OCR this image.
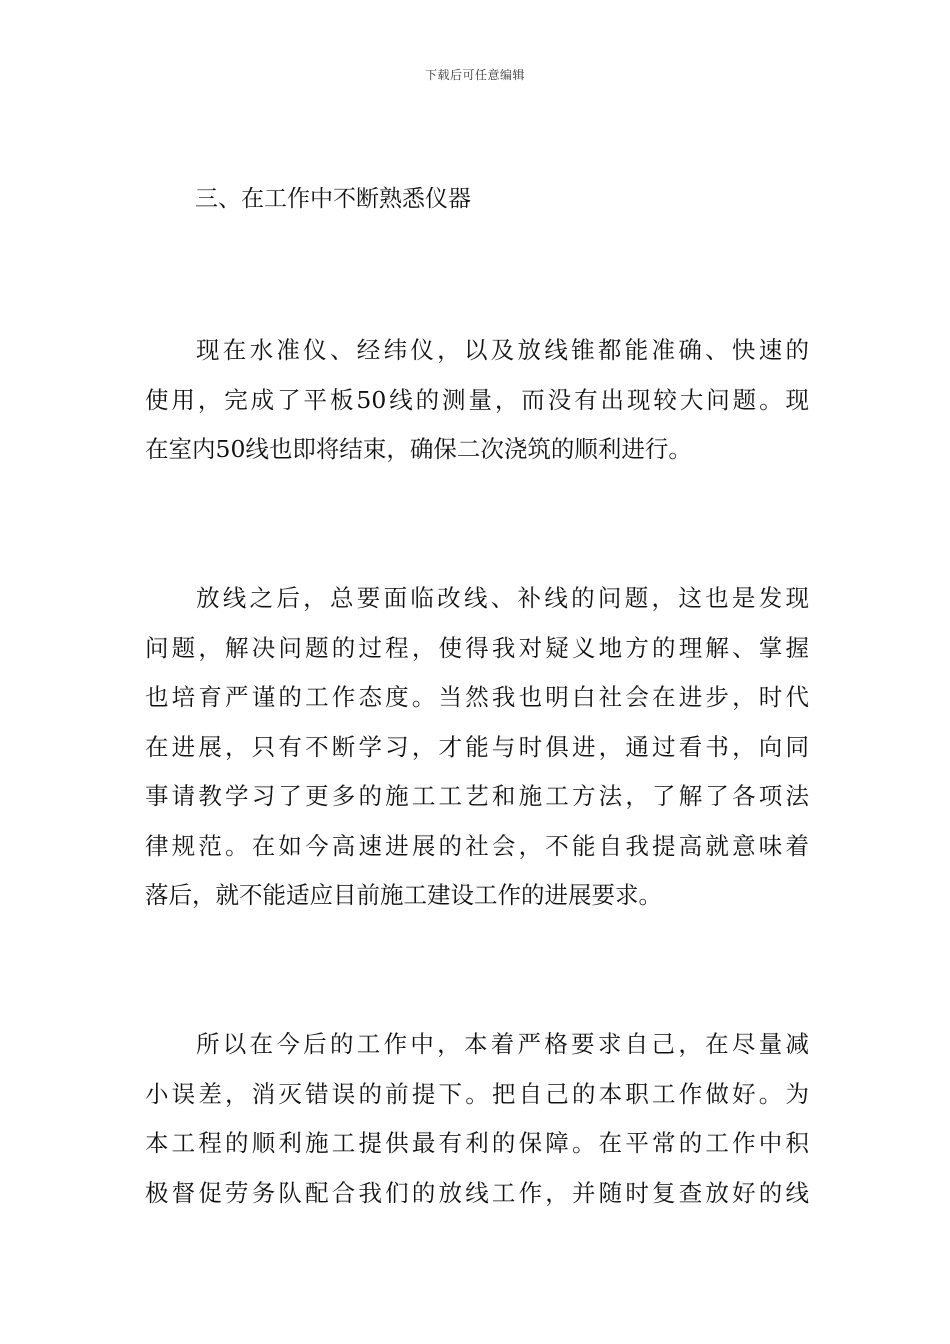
下载后可任意编辑
三、在工作中不断熟悉仪器
现在水准仪、经纬仪，以及放线锥都能准确、快速的
使用，完成了平板50线的测量，而没有出现较大问题。现
在室内50线也即将结束，确保二次浇筑的顺利进行。
放线之后，总要面临改线、补线的问题，这也是发现
问题，解决问题的过程，使得我对疑义地方的理解、掌握
也培育严谨的工作态度。当然我也明白社会在进步，时代
在进展，只有不断学习，才能与时俱进，通过看书，向同
事请教学习了更多的施工工艺和施工方法，了解了各项法
律规范。在如今高速进展的社会，不能自我提高就意味着
落后，就不能适应目前施工建设工作的进展要求。
所以在今后的工作中，本着严格要求自己，在尽量减
小误差，消灭错误的前提下。把自己的本职工作做好。为
本工程的顺利施工提供最有利的保障。在平常的工作中积
极督促劳务队配合我们的放线工作，并随时复查放好的线
